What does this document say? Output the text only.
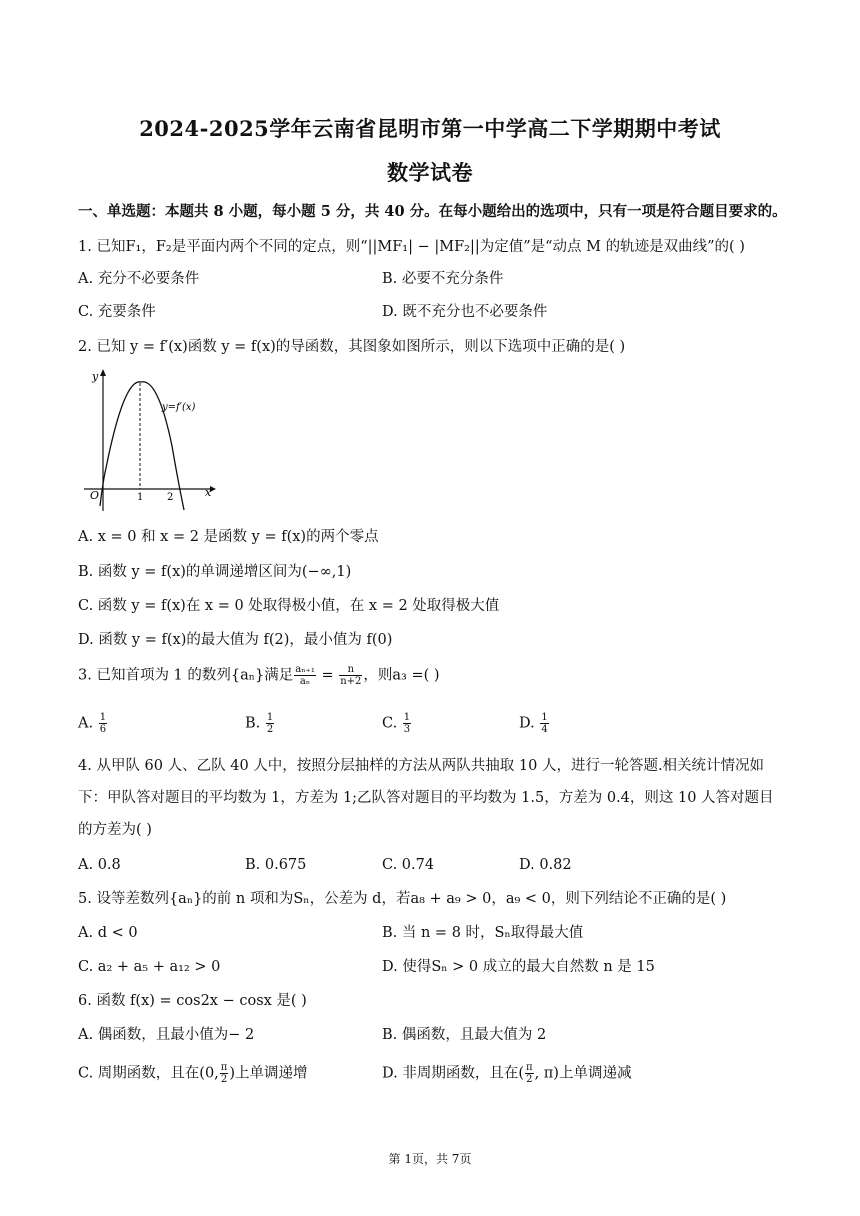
2024-2025学年云南省昆明市第一中学高二下学期期中考试
数学试卷
一、单选题：本题共 8 小题，每小题 5 分，共 40 分。在每小题给出的选项中，只有一项是符合题目要求的。
1. 已知F₁，F₂是平面内两个不同的定点，则“||MF₁| − |MF₂||为定值”是“动点 M 的轨迹是双曲线”的( )
A. 充分不必要条件	B. 必要不充分条件
C. 充要条件	D. 既不充分也不必要条件
2. 已知 y = f′(x)函数 y = f(x)的导函数，其图象如图所示，则以下选项中正确的是( )
y
x
O	1 2
y=f′(x)
A. x = 0 和 x = 2 是函数 y = f(x)的两个零点
B. 函数 y = f(x)的单调递增区间为(−∞,1)
C. 函数 y = f(x)在 x = 0 处取得极小值，在 x = 2 处取得极大值
D. 函数 y = f(x)的最大值为 f(2)，最小值为 f(0)
3. 已知首项为 1 的数列{aₙ}满足 $\frac{\text{aₙ₊₁}}{\text{aₙ}} = \frac{n}{n+2}$ ，则a₃ =( )
A. $\frac{1}{6}$	B. $\frac{1}{2}$	C. $\frac{1}{3}$	D. $\frac{1}{4}$
4. 从甲队 60 人、乙队 40 人中，按照分层抽样的方法从两队共抽取 10 人，进行一轮答题.相关统计情况如
下：甲队答对题目的平均数为 1，方差为 1;乙队答对题目的平均数为 1.5，方差为 0.4，则这 10 人答对题目
的方差为( )
A. 0.8	B. 0.675	C. 0.74	D. 0.82
5. 设等差数列{aₙ}的前 n 项和为Sₙ，公差为 d，若a₈ + a₉ > 0，a₉ < 0，则下列结论不正确的是( )
A. d < 0	B. 当 n = 8 时，Sₙ取得最大值
C. a₂ + a₅ + a₁₂ > 0	D. 使得Sₙ > 0 成立的最大自然数 n 是 15
6. 函数 f(x) = cos2x − cosx 是( )
A. 偶函数，且最小值为− 2	B. 偶函数，且最大值为 2
C. 周期函数，且在(0, $\frac{\pi}{2}$ )上单调递增	D. 非周期函数，且在( $\frac{\pi}{2}$ , π)上单调递减
第 1页，共 7页
